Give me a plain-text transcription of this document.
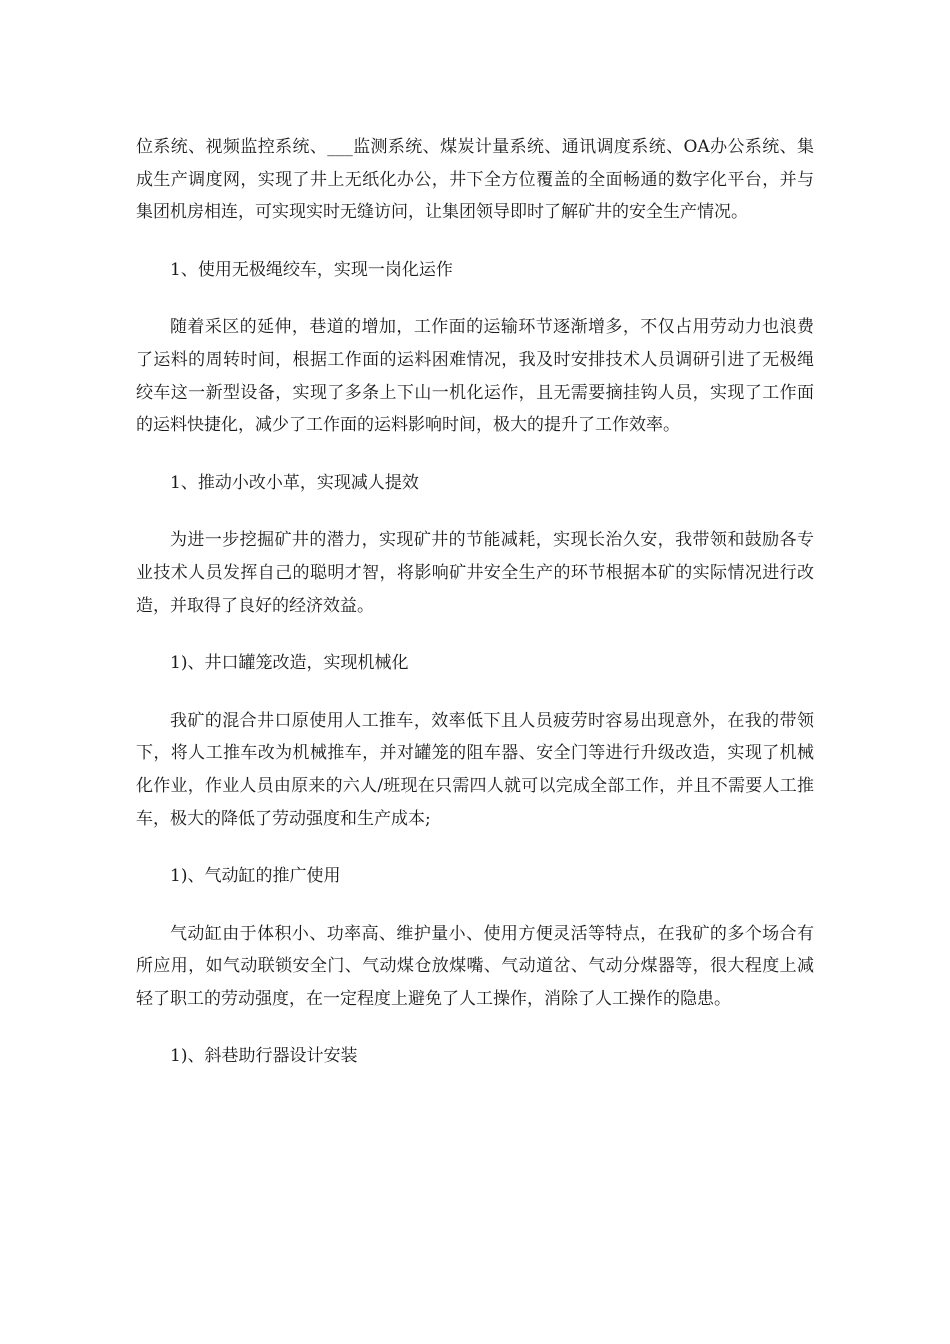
位系统、视频监控系统、___监测系统、煤炭计量系统、通讯调度系统、OA办公系统、集成生产调度网，实现了井上无纸化办公，井下全方位覆盖的全面畅通的数字化平台，并与集团机房相连，可实现实时无缝访问，让集团领导即时了解矿井的安全生产情况。

1、使用无极绳绞车，实现一岗化运作

随着采区的延伸，巷道的增加，工作面的运输环节逐渐增多，不仅占用劳动力也浪费了运料的周转时间，根据工作面的运料困难情况，我及时安排技术人员调研引进了无极绳绞车这一新型设备，实现了多条上下山一机化运作，且无需要摘挂钩人员，实现了工作面的运料快捷化，减少了工作面的运料影响时间，极大的提升了工作效率。

1、推动小改小革，实现减人提效

为进一步挖掘矿井的潜力，实现矿井的节能减耗，实现长治久安，我带领和鼓励各专业技术人员发挥自己的聪明才智，将影响矿井安全生产的环节根据本矿的实际情况进行改造，并取得了良好的经济效益。

1)、井口罐笼改造，实现机械化

我矿的混合井口原使用人工推车，效率低下且人员疲劳时容易出现意外，在我的带领下，将人工推车改为机械推车，并对罐笼的阻车器、安全门等进行升级改造，实现了机械化作业，作业人员由原来的六人/班现在只需四人就可以完成全部工作，并且不需要人工推车，极大的降低了劳动强度和生产成本;

1)、气动缸的推广使用

气动缸由于体积小、功率高、维护量小、使用方便灵活等特点，在我矿的多个场合有所应用，如气动联锁安全门、气动煤仓放煤嘴、气动道岔、气动分煤器等，很大程度上减轻了职工的劳动强度，在一定程度上避免了人工操作，消除了人工操作的隐患。

1)、斜巷助行器设计安装
